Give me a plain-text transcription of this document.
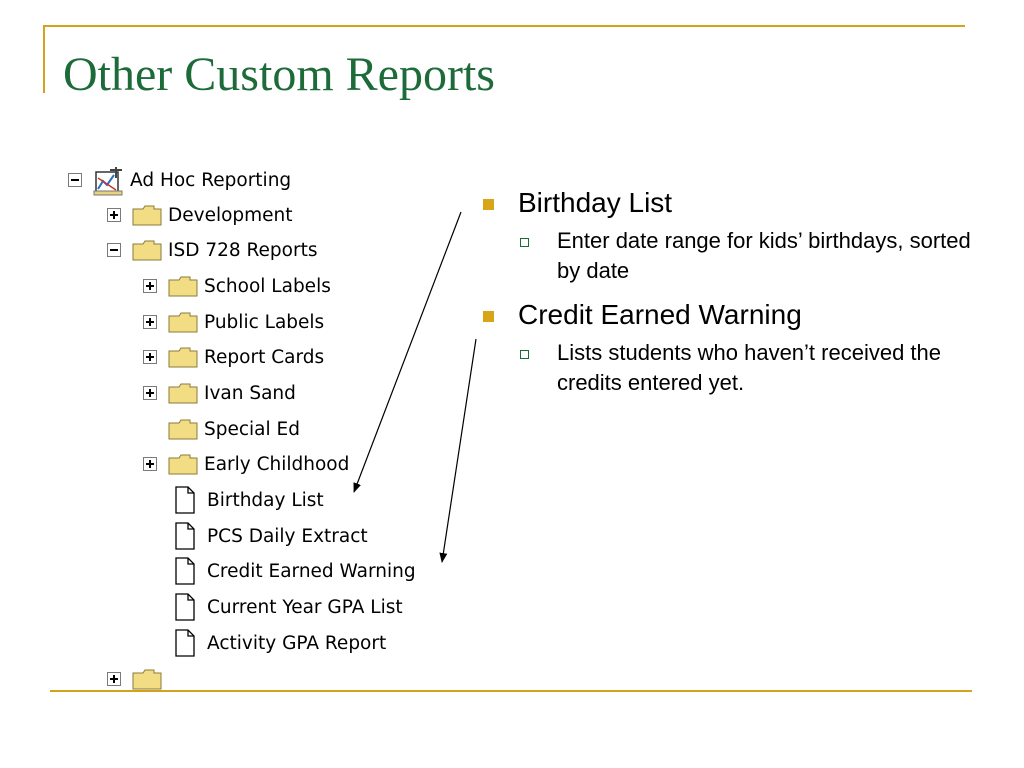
Other Custom Reports
Ad Hoc Reporting
Development
ISD 728 Reports
School Labels
Public Labels
Report Cards
Ivan Sand
Special Ed
Early Childhood
Birthday List
PCS Daily Extract
Credit Earned Warning
Current Year GPA List
Activity GPA Report
Birthday List
Enter date range for kids’ birthdays, sorted by date
Credit Earned Warning
Lists students who haven’t received the credits entered yet.
